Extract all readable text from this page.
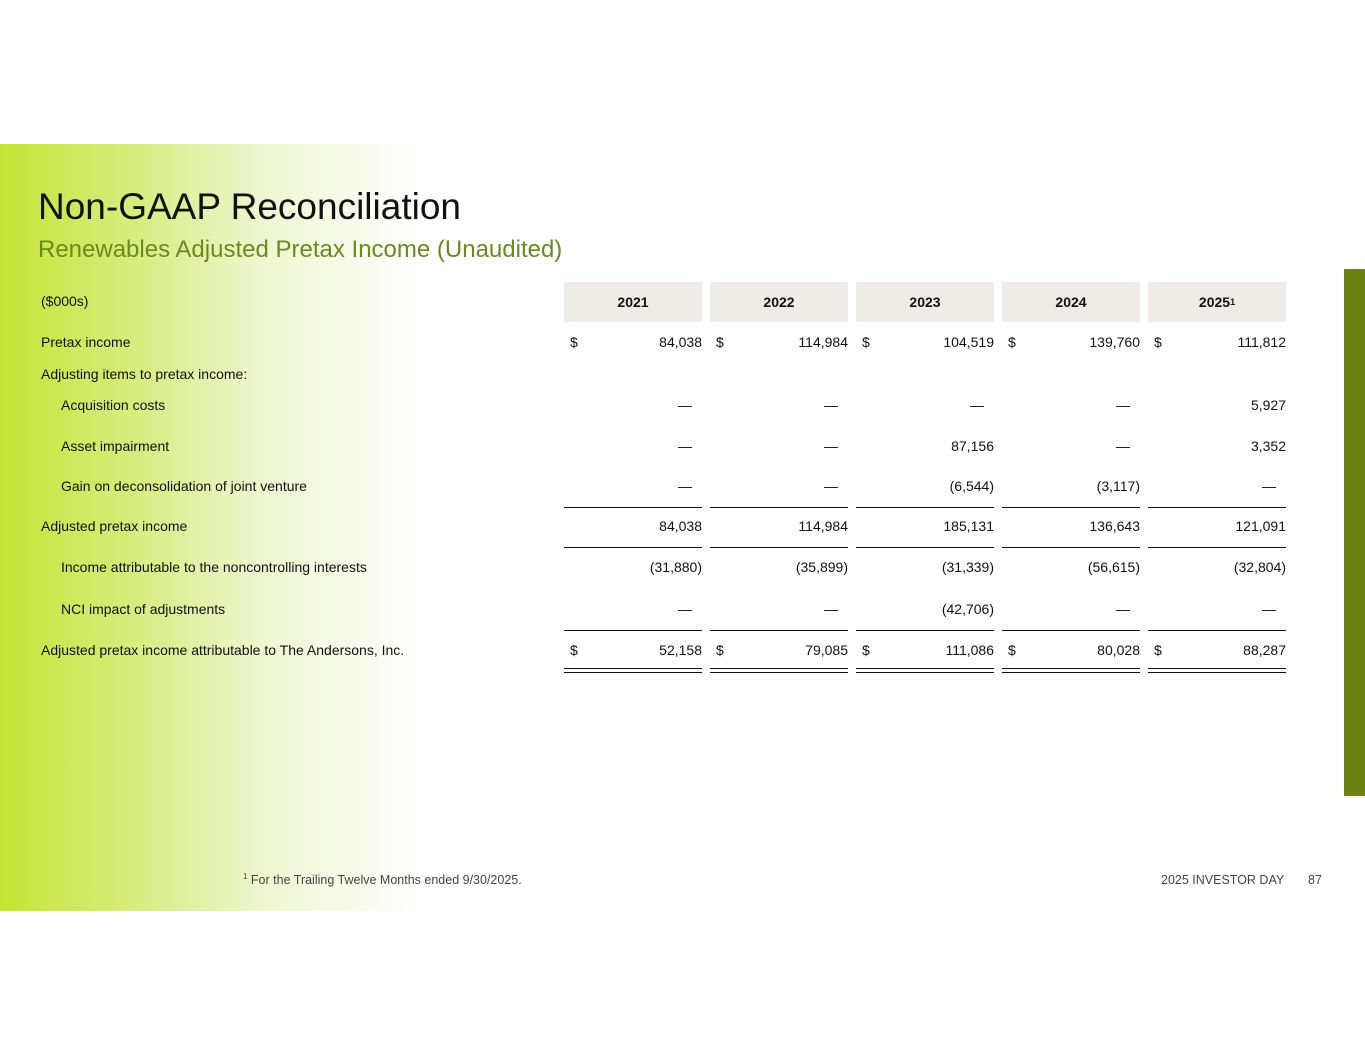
Non-GAAP Reconciliation
Renewables Adjusted Pretax Income (Unaudited)
($000s)	2021	2022	2023	2024	2025 1
Pretax income	$	84,038 $	114,984 $	104,519 $	139,760 $	111,812
Adjusting items to pretax income:
Acquisition costs	—	—	—	—	5,927
Asset impairment	—	—	87,156	—	3,352
Gain on deconsolidation of joint venture	—	—	(6,544)	(3,117)	—
Adjusted pretax income	84,038	114,984	185,131	136,643	121,091
Income attributable to the noncontrolling interests	(31,880)	(35,899)	(31,339)	(56,615)	(32,804)
NCI impact of adjustments	—	—	(42,706)	—	—
Adjusted pretax income attributable to The Andersons, Inc.	$	52,158 $	79,085 $	111,086 $	80,028 $	88,287
$^1$ For the Trailing Twelve Months ended 9/30/2025.	2025 INVESTOR DAY 87
